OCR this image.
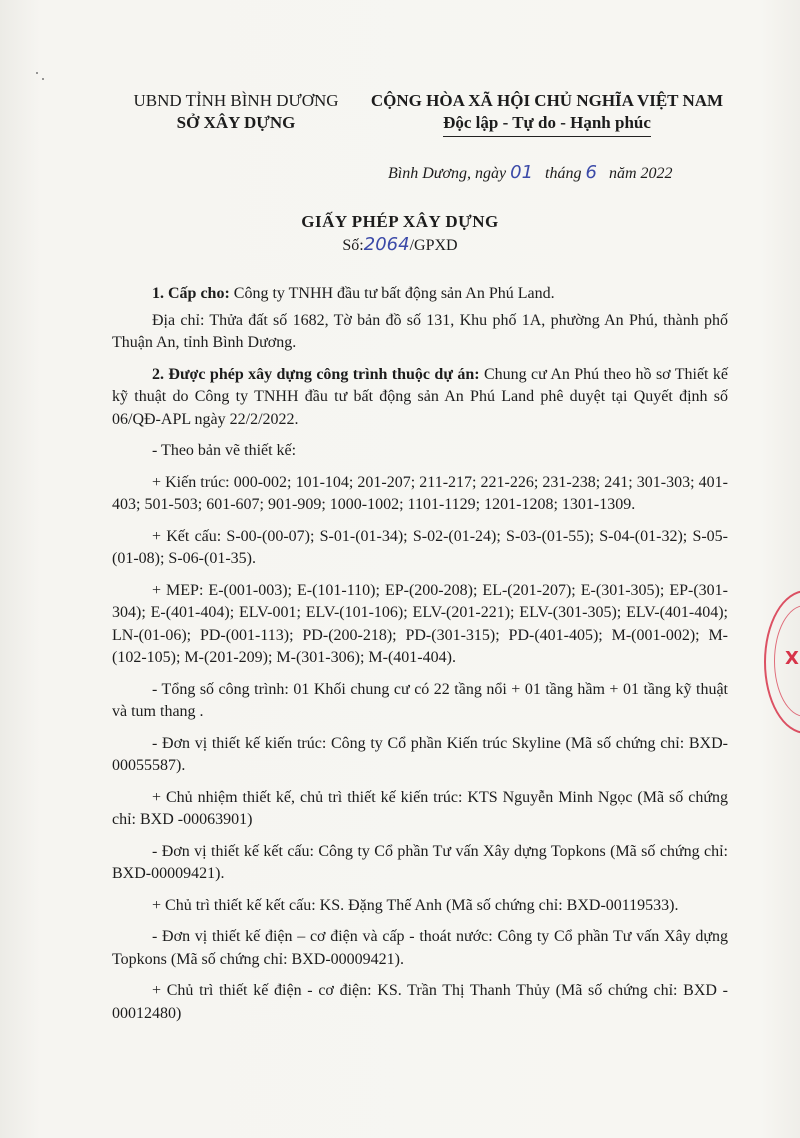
UBND TỈNH BÌNH DƯƠNG
SỞ XÂY DỰNG
CỘNG HÒA XÃ HỘI CHỦ NGHĨA VIỆT NAM
Độc lập - Tự do - Hạnh phúc
Bình Dương, ngày 01 tháng 6 năm 2022
GIẤY PHÉP XÂY DỰNG
Số:2064/GPXD

1. Cấp cho: Công ty TNHH đầu tư bất động sản An Phú Land.

Địa chỉ: Thửa đất số 1682, Tờ bản đồ số 131, Khu phố 1A, phường An Phú, thành phố Thuận An, tỉnh Bình Dương.

2. Được phép xây dựng công trình thuộc dự án: Chung cư An Phú theo hồ sơ Thiết kế kỹ thuật do Công ty TNHH đầu tư bất động sản An Phú Land phê duyệt tại Quyết định số 06/QĐ-APL ngày 22/2/2022.

- Theo bản vẽ thiết kế:

+ Kiến trúc: 000-002; 101-104; 201-207; 211-217; 221-226; 231-238; 241; 301-303; 401-403; 501-503; 601-607; 901-909; 1000-1002; 1101-1129; 1201-1208; 1301-1309.

+ Kết cấu: S-00-(00-07); S-01-(01-34); S-02-(01-24); S-03-(01-55); S-04-(01-32); S-05-(01-08); S-06-(01-35).

+ MEP: E-(001-003); E-(101-110); EP-(200-208); EL-(201-207); E-(301-305); EP-(301-304); E-(401-404); ELV-001; ELV-(101-106); ELV-(201-221); ELV-(301-305); ELV-(401-404); LN-(01-06); PD-(001-113); PD-(200-218); PD-(301-315); PD-(401-405); M-(001-002); M-(102-105); M-(201-209); M-(301-306); M-(401-404).

- Tổng số công trình: 01 Khối chung cư có 22 tầng nổi + 01 tầng hầm + 01 tầng kỹ thuật và tum thang .

- Đơn vị thiết kế kiến trúc: Công ty Cổ phần Kiến trúc Skyline (Mã số chứng chỉ: BXD-00055587).

+ Chủ nhiệm thiết kế, chủ trì thiết kế kiến trúc: KTS Nguyễn Minh Ngọc (Mã số chứng chỉ: BXD -00063901)

- Đơn vị thiết kế kết cấu: Công ty Cổ phần Tư vấn Xây dựng Topkons (Mã số chứng chỉ: BXD-00009421).

+ Chủ trì thiết kế kết cấu: KS. Đặng Thế Anh (Mã số chứng chỉ: BXD-00119533).

- Đơn vị thiết kế điện – cơ điện và cấp - thoát nước: Công ty Cổ phần Tư vấn Xây dựng Topkons (Mã số chứng chỉ: BXD-00009421).

+ Chủ trì thiết kế điện - cơ điện: KS. Trần Thị Thanh Thủy (Mã số chứng chỉ: BXD - 00012480)

X
